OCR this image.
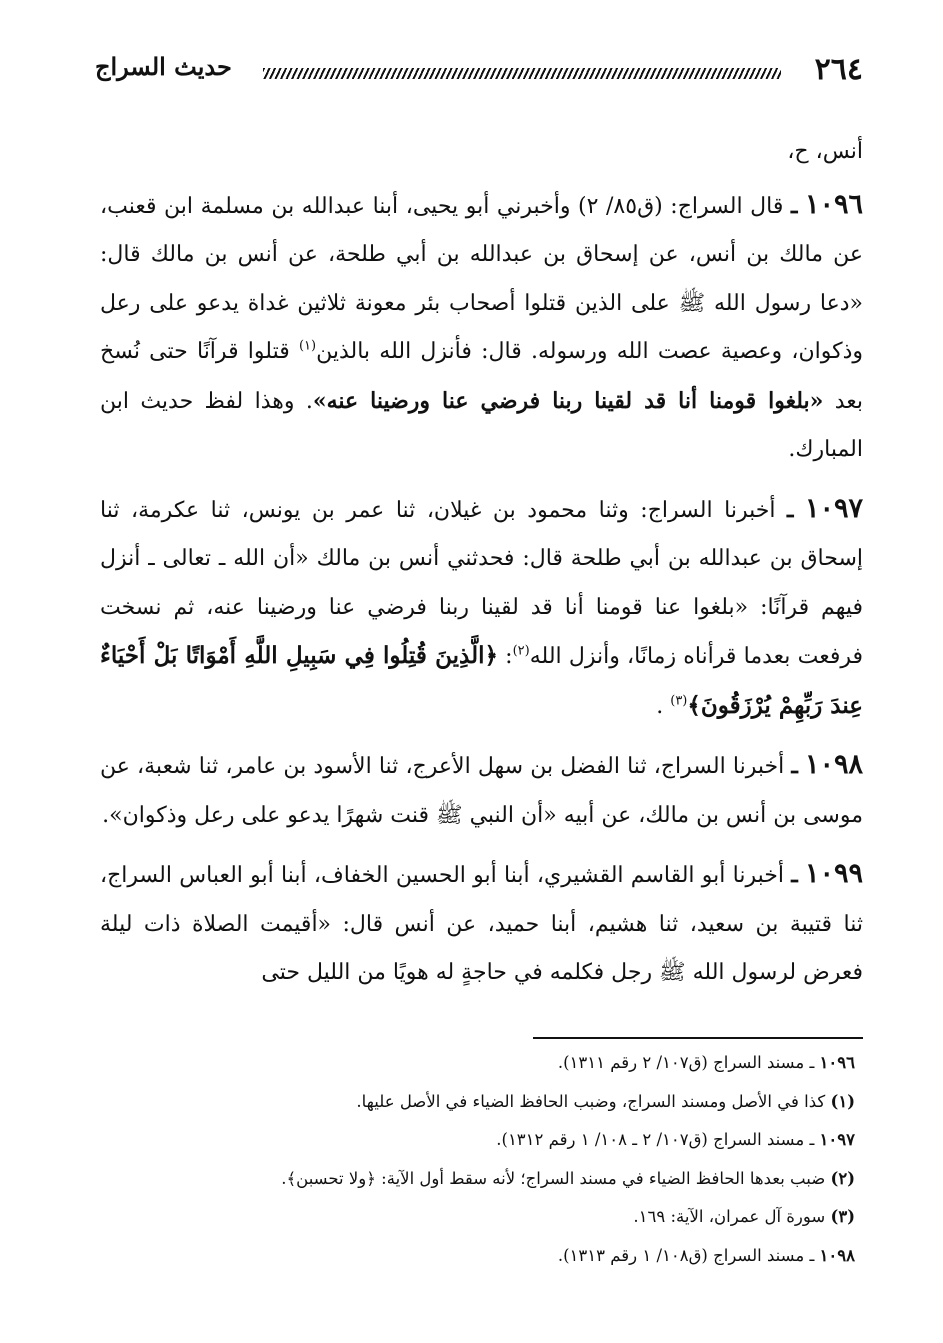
٢٦٤
حديث السراج

أنس، ح،

١٠٩٦ ـ قال السراج: (ق٨٥/ ٢) وأخبرني أبو يحيى، أبنا عبدالله بن مسلمة ابن قعنب، عن مالك بن أنس، عن إسحاق بن عبدالله بن أبي طلحة، عن أنس بن مالك قال: «دعا رسول الله ﷺ على الذين قتلوا أصحاب بئر معونة ثلاثين غداة يدعو على رعل وذكوان، وعصية عصت الله ورسوله. قال: فأنزل الله بالذين$^{(١)}$ قتلوا قرآنًا حتى نُسخ بعد «بلغوا قومنا أنا قد لقينا ربنا فرضي عنا ورضينا عنه». وهذا لفظ حديث ابن المبارك.

١٠٩٧ ـ أخبرنا السراج: وثنا محمود بن غيلان، ثنا عمر بن يونس، ثنا عكرمة، ثنا إسحاق بن عبدالله بن أبي طلحة قال: فحدثني أنس بن مالك «أن الله ـ تعالى ـ أنزل فيهم قرآنًا: «بلغوا عنا قومنا أنا قد لقينا ربنا فرضي عنا ورضينا عنه، ثم نسخت فرفعت بعدما قرأناه زمانًا، وأنزل الله$^{(٢)}$: ﴿الَّذِينَ قُتِلُوا فِي سَبِيلِ اللَّهِ أَمْوَاتًا بَلْ أَحْيَاءٌ عِندَ رَبِّهِمْ يُرْزَقُونَ﴾$^{(٣)}$ .

١٠٩٨ ـ أخبرنا السراج، ثنا الفضل بن سهل الأعرج، ثنا الأسود بن عامر، ثنا شعبة، عن موسى بن أنس بن مالك، عن أبيه «أن النبي ﷺ قنت شهرًا يدعو على رعل وذكوان».

١٠٩٩ ـ أخبرنا أبو القاسم القشيري، أبنا أبو الحسين الخفاف، أبنا أبو العباس السراج، ثنا قتيبة بن سعيد، ثنا هشيم، أبنا حميد، عن أنس قال: «أقيمت الصلاة ذات ليلة فعرض لرسول الله ﷺ رجل فكلمه في حاجةٍ له هويًا من الليل حتى

١٠٩٦ ـ مسند السراج (ق١٠٧/ ٢ رقم ١٣١١).
(١) كذا في الأصل ومسند السراج، وضبب الحافظ الضياء في الأصل عليها.
١٠٩٧ ـ مسند السراج (ق١٠٧/ ٢ ـ ١٠٨/ ١ رقم ١٣١٢).
(٢) ضبب بعدها الحافظ الضياء في مسند السراج؛ لأنه سقط أول الآية: ﴿ولا تحسبن﴾.
(٣) سورة آل عمران، الآية: ١٦٩.
١٠٩٨ ـ مسند السراج (ق١٠٨/ ١ رقم ١٣١٣).
